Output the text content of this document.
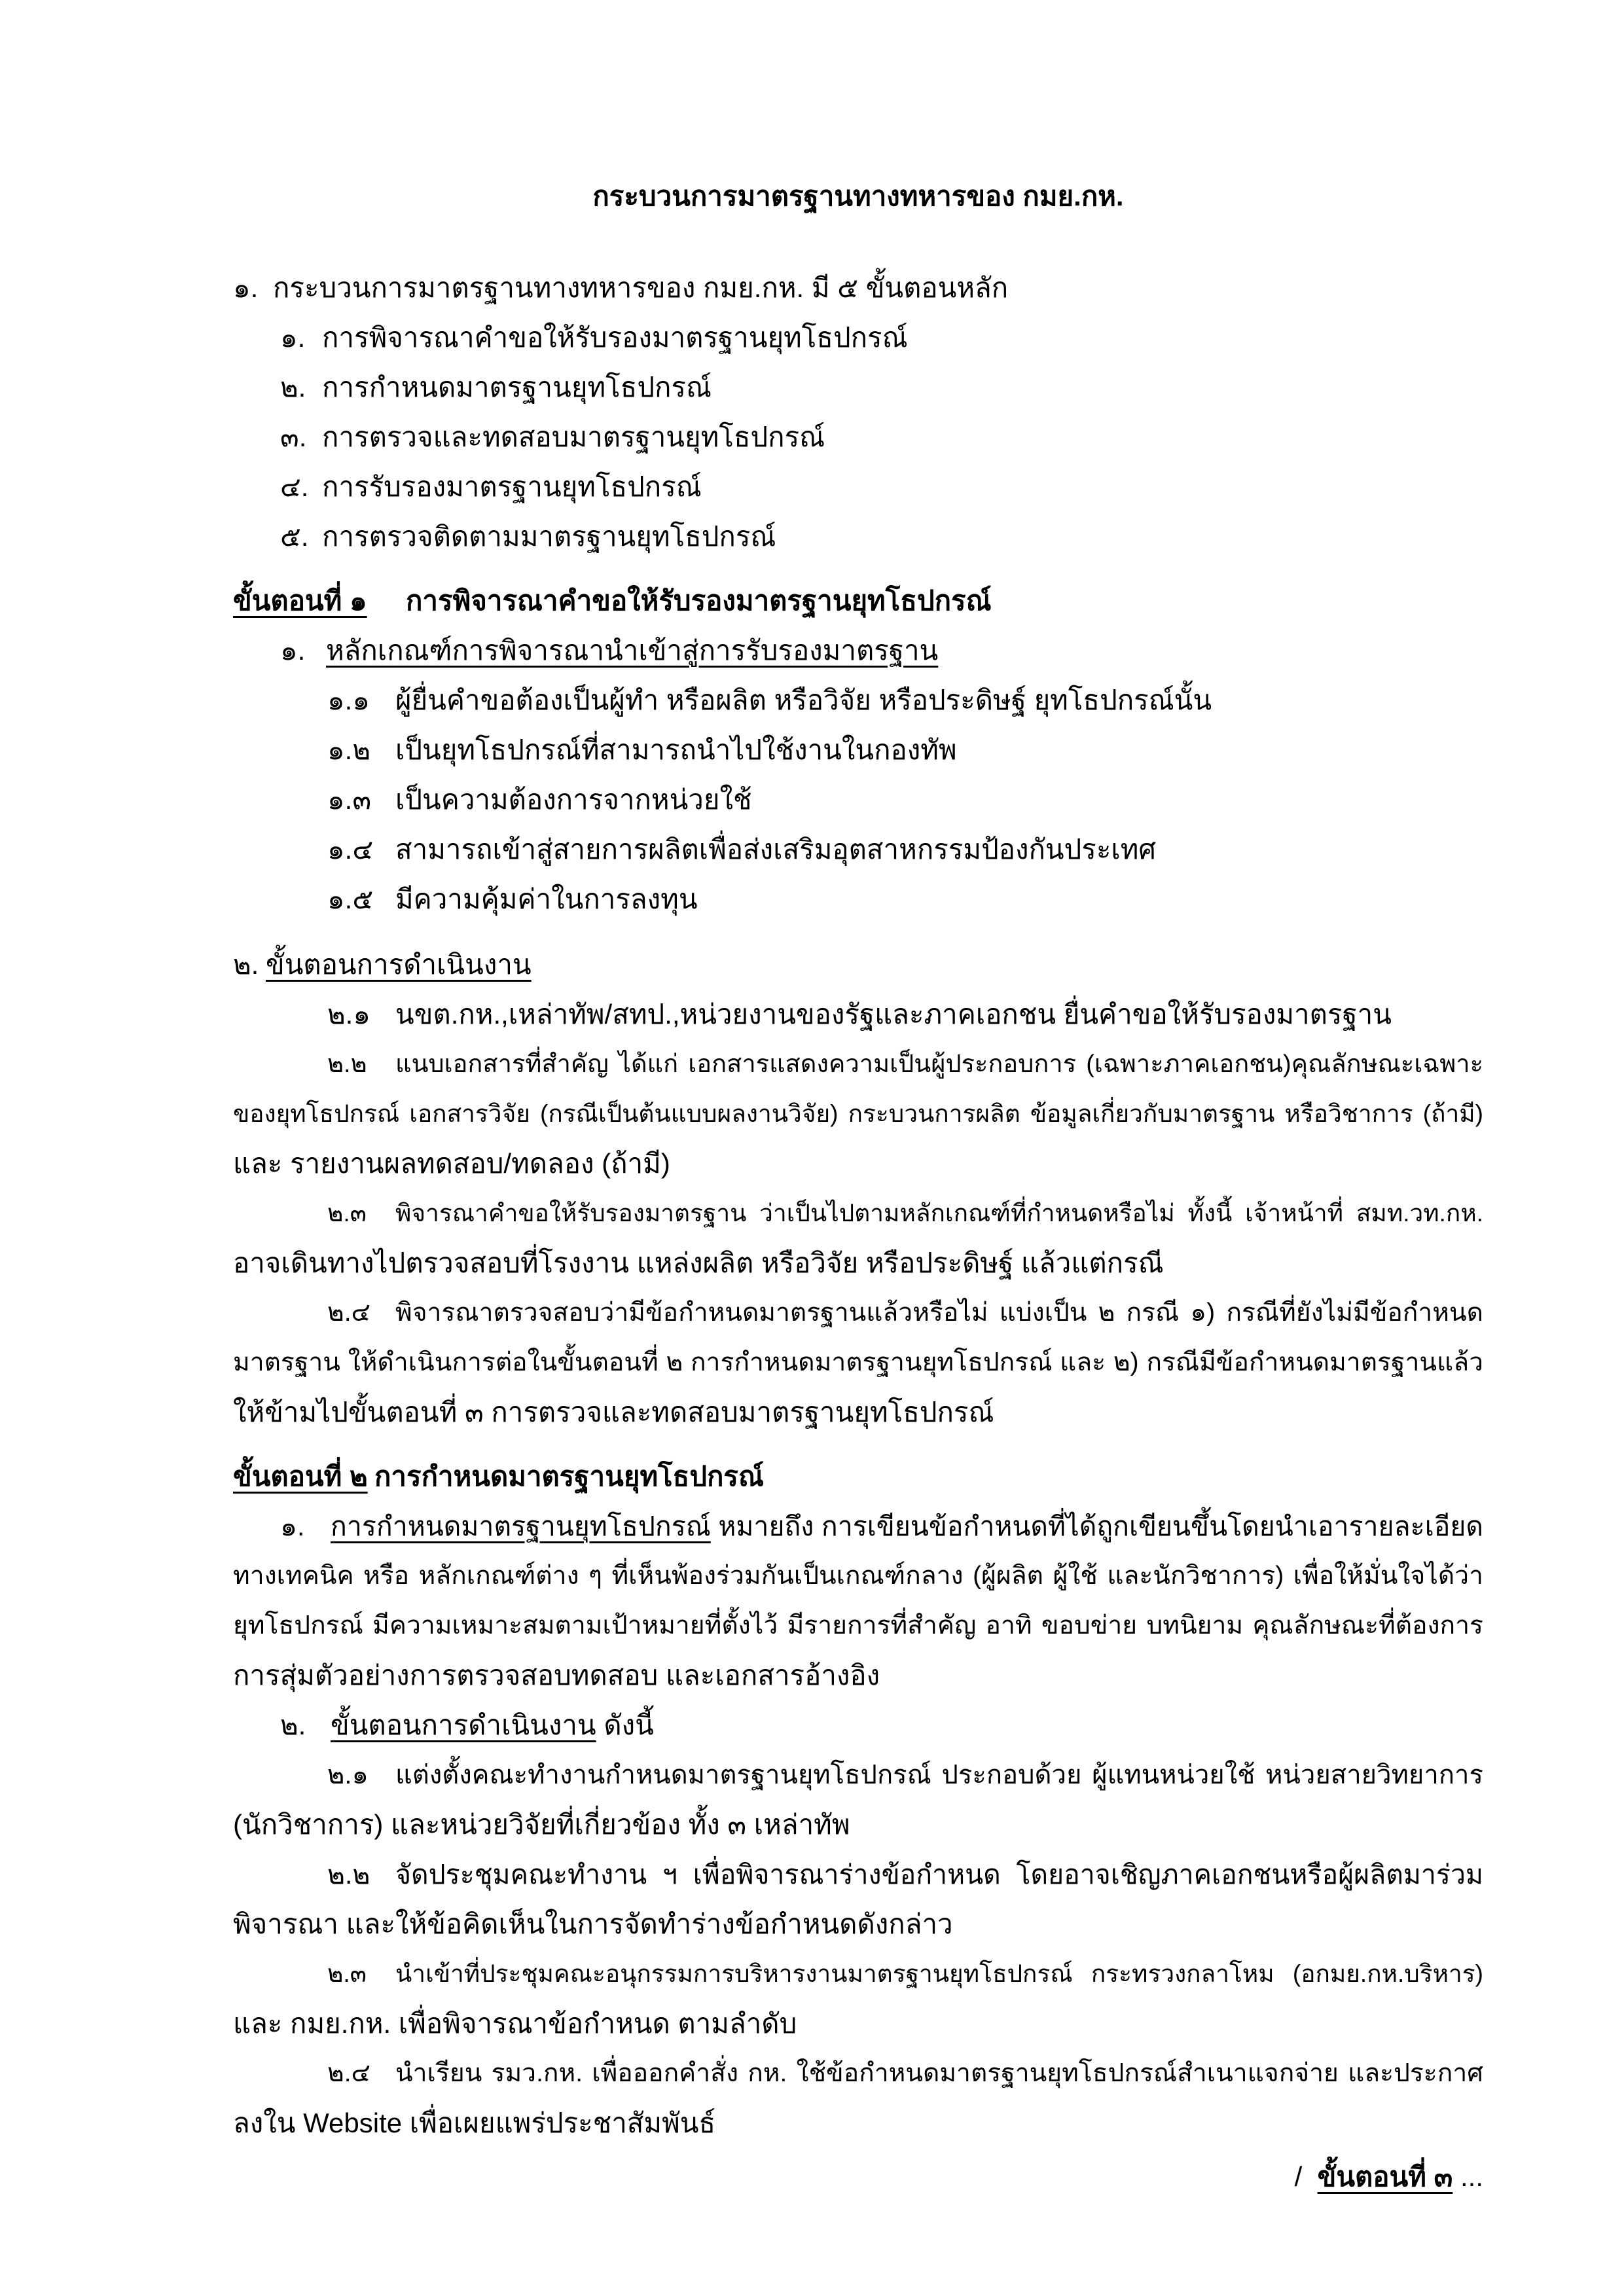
กระบวนการมาตรฐานทางทหารของ กมย.กห.
๑. กระบวนการมาตรฐานทางทหารของ กมย.กห. มี ๕ ขั้นตอนหลัก
๑. การพิจารณาคำขอให้รับรองมาตรฐานยุทโธปกรณ์
๒. การกำหนดมาตรฐานยุทโธปกรณ์
๓. การตรวจและทดสอบมาตรฐานยุทโธปกรณ์
๔. การรับรองมาตรฐานยุทโธปกรณ์
๕. การตรวจติดตามมาตรฐานยุทโธปกรณ์
ขั้นตอนที่ ๑ การพิจารณาคำขอให้รับรองมาตรฐานยุทโธปกรณ์
๑. หลักเกณฑ์การพิจารณานำเข้าสู่การรับรองมาตรฐาน
๑.๑ ผู้ยื่นคำขอต้องเป็นผู้ทำ หรือผลิต หรือวิจัย หรือประดิษฐ์ ยุทโธปกรณ์นั้น
๑.๒ เป็นยุทโธปกรณ์ที่สามารถนำไปใช้งานในกองทัพ
๑.๓ เป็นความต้องการจากหน่วยใช้
๑.๔ สามารถเข้าสู่สายการผลิตเพื่อส่งเสริมอุตสาหกรรมป้องกันประเทศ
๑.๕ มีความคุ้มค่าในการลงทุน
๒. ขั้นตอนการดำเนินงาน
๒.๑ นขต.กห.,เหล่าทัพ/สทป.,หน่วยงานของรัฐและภาคเอกชน ยื่นคำขอให้รับรองมาตรฐาน
๒.๒ แนบเอกสารที่สำคัญ ได้แก่ เอกสารแสดงความเป็นผู้ประกอบการ (เฉพาะภาคเอกชน)คุณลักษณะเฉพาะ
ของยุทโธปกรณ์ เอกสารวิจัย (กรณีเป็นต้นแบบผลงานวิจัย) กระบวนการผลิต ข้อมูลเกี่ยวกับมาตรฐาน หรือวิชาการ (ถ้ามี)
และ รายงานผลทดสอบ/ทดลอง (ถ้ามี)
๒.๓ พิจารณาคำขอให้รับรองมาตรฐาน ว่าเป็นไปตามหลักเกณฑ์ที่กำหนดหรือไม่ ทั้งนี้ เจ้าหน้าที่ สมท.วท.กห.
อาจเดินทางไปตรวจสอบที่โรงงาน แหล่งผลิต หรือวิจัย หรือประดิษฐ์ แล้วแต่กรณี
๒.๔ พิจารณาตรวจสอบว่ามีข้อกำหนดมาตรฐานแล้วหรือไม่ แบ่งเป็น ๒ กรณี ๑) กรณีที่ยังไม่มีข้อกำหนด
มาตรฐาน ให้ดำเนินการต่อในขั้นตอนที่ ๒ การกำหนดมาตรฐานยุทโธปกรณ์ และ ๒) กรณีมีข้อกำหนดมาตรฐานแล้ว
ให้ข้ามไปขั้นตอนที่ ๓ การตรวจและทดสอบมาตรฐานยุทโธปกรณ์
ขั้นตอนที่ ๒ การกำหนดมาตรฐานยุทโธปกรณ์
๑. การกำหนดมาตรฐานยุทโธปกรณ์ หมายถึง การเขียนข้อกำหนดที่ได้ถูกเขียนขึ้นโดยนำเอารายละเอียด
ทางเทคนิค หรือ หลักเกณฑ์ต่าง ๆ ที่เห็นพ้องร่วมกันเป็นเกณฑ์กลาง (ผู้ผลิต ผู้ใช้ และนักวิชาการ) เพื่อให้มั่นใจได้ว่า
ยุทโธปกรณ์ มีความเหมาะสมตามเป้าหมายที่ตั้งไว้ มีรายการที่สำคัญ อาทิ ขอบข่าย บทนิยาม คุณลักษณะที่ต้องการ
การสุ่มตัวอย่างการตรวจสอบทดสอบ และเอกสารอ้างอิง
๒. ขั้นตอนการดำเนินงาน ดังนี้
๒.๑ แต่งตั้งคณะทำงานกำหนดมาตรฐานยุทโธปกรณ์ ประกอบด้วย ผู้แทนหน่วยใช้ หน่วยสายวิทยาการ
(นักวิชาการ) และหน่วยวิจัยที่เกี่ยวข้อง ทั้ง ๓ เหล่าทัพ
๒.๒ จัดประชุมคณะทำงาน ฯ เพื่อพิจารณาร่างข้อกำหนด โดยอาจเชิญภาคเอกชนหรือผู้ผลิตมาร่วม
พิจารณา และให้ข้อคิดเห็นในการจัดทำร่างข้อกำหนดดังกล่าว
๒.๓ นำเข้าที่ประชุมคณะอนุกรรมการบริหารงานมาตรฐานยุทโธปกรณ์ กระทรวงกลาโหม (อกมย.กห.บริหาร)
และ กมย.กห. เพื่อพิจารณาข้อกำหนด ตามลำดับ
๒.๔ นำเรียน รมว.กห. เพื่อออกคำสั่ง กห. ใช้ข้อกำหนดมาตรฐานยุทโธปกรณ์สำเนาแจกจ่าย และประกาศ
ลงใน Website เพื่อเผยแพร่ประชาสัมพันธ์
/ ขั้นตอนที่ ๓ ...
